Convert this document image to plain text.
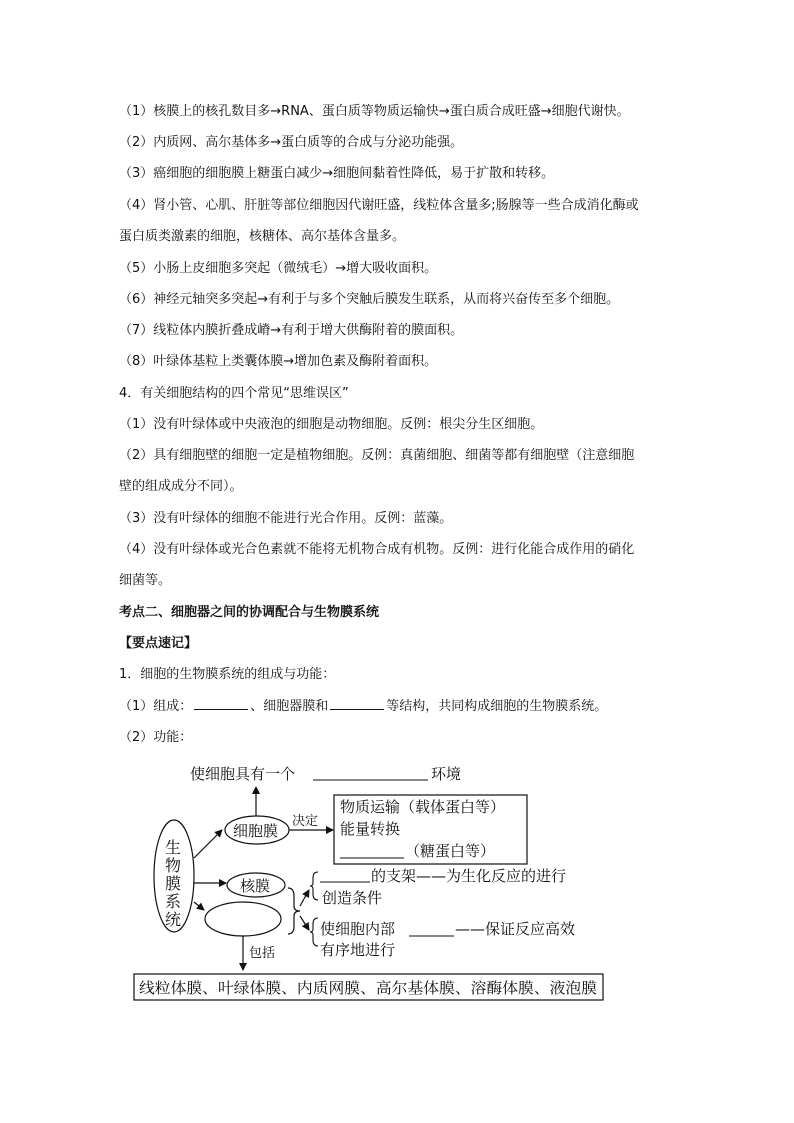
（1）核膜上的核孔数目多→RNA、蛋白质等物质运输快→蛋白质合成旺盛→细胞代谢快。
（2）内质网、高尔基体多→蛋白质等的合成与分泌功能强。
（3）癌细胞的细胞膜上糖蛋白减少→细胞间黏着性降低，易于扩散和转移。
（4）肾小管、心肌、肝脏等部位细胞因代谢旺盛，线粒体含量多;肠腺等一些合成消化酶或
蛋白质类激素的细胞，核糖体、高尔基体含量多。
（5）小肠上皮细胞多突起（微绒毛）→增大吸收面积。
（6）神经元轴突多突起→有利于与多个突触后膜发生联系，从而将兴奋传至多个细胞。
（7）线粒体内膜折叠成嵴→有利于增大供酶附着的膜面积。
（8）叶绿体基粒上类囊体膜→增加色素及酶附着面积。
4．有关细胞结构的四个常见“思维误区”
（1）没有叶绿体或中央液泡的细胞是动物细胞。反例：根尖分生区细胞。
（2）具有细胞壁的细胞一定是植物细胞。反例：真菌细胞、细菌等都有细胞壁（注意细胞
壁的组成成分不同）。
（3）没有叶绿体的细胞不能进行光合作用。反例：蓝藻。
（4）没有叶绿体或光合色素就不能将无机物合成有机物。反例：进行化能合成作用的硝化
细菌等。
考点二、细胞器之间的协调配合与生物膜系统
【要点速记】
1．细胞的生物膜系统的组成与功能：
（1）组成：	、细胞器膜和	等结构，共同构成细胞的生物膜系统。
（2）功能：
使细胞具有一个	环境
生
物
膜
系
统
细胞膜
决定
物质运输（载体蛋白等）
能量转换
（糖蛋白等）
核膜
的支架——为生化反应的进行
创造条件
使细胞内部	——保证反应高效
有序地进行
包括
线粒体膜、叶绿体膜、内质网膜、高尔基体膜、溶酶体膜、液泡膜
